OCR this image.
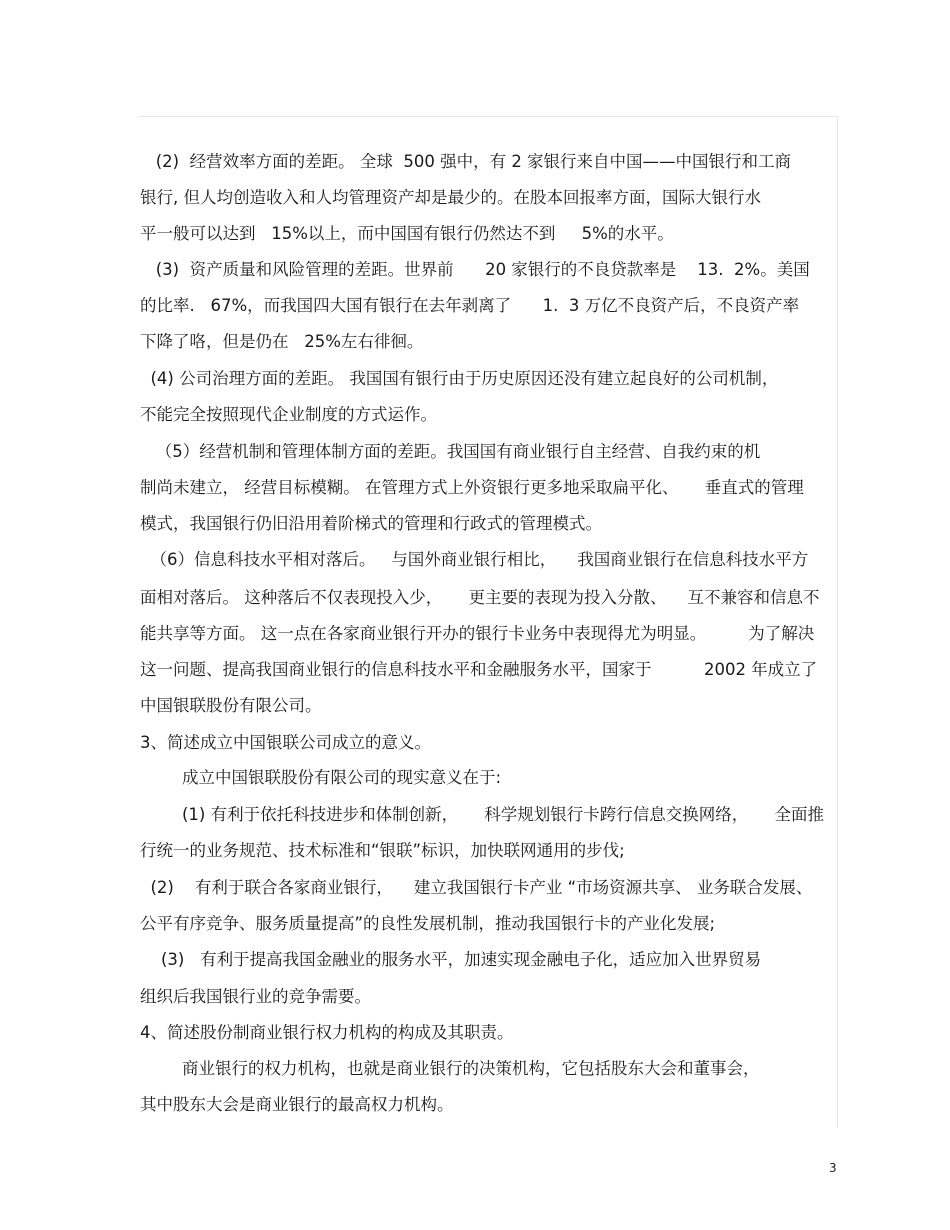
(2)  经营效率方面的差距。 全球  500 强中，有 2 家银行来自中国——中国银行和工商
银行, 但人均创造收入和人均管理资产却是最少的。在股本回报率方面，国际大银行水
平一般可以达到   15%以上，而中国国有银行仍然达不到     5%的水平。
(3)  资产质量和风险管理的差距。世界前      20 家银行的不良贷款率是    13.  2%。美国
的比率.   67%，而我国四大国有银行在去年剥离了      1.  3 万亿不良资产后，不良资产率
下降了咯，但是仍在   25%左右徘徊。
(4) 公司治理方面的差距。 我国国有银行由于历史原因还没有建立起良好的公司机制，
不能完全按照现代企业制度的方式运作。
（5）经营机制和管理体制方面的差距。我国国有商业银行自主经营、自我约束的机
制尚未建立， 经营目标模糊。 在管理方式上外资银行更多地采取扁平化、     垂直式的管理
模式，我国银行仍旧沿用着阶梯式的管理和行政式的管理模式。
（6）信息科技水平相对落后。   与国外商业银行相比，    我国商业银行在信息科技水平方
面相对落后。 这种落后不仅表现投入少，     更主要的表现为投入分散、    互不兼容和信息不
能共享等方面。 这一点在各家商业银行开办的银行卡业务中表现得尤为明显。        为了解决
这一问题、提高我国商业银行的信息科技水平和金融服务水平，国家于          2002 年成立了
中国银联股份有限公司。
3、简述成立中国银联公司成立的意义。
成立中国银联股份有限公司的现实意义在于:
(1) 有利于依托科技进步和体制创新，     科学规划银行卡跨行信息交换网络，     全面推
行统一的业务规范、技术标准和“银联”标识，加快联网通用的步伐;
(2)    有利于联合各家商业银行，    建立我国银行卡产业 “市场资源共享、 业务联合发展、
公平有序竞争、服务质量提高”的良性发展机制，推动我国银行卡的产业化发展;
(3)   有利于提高我国金融业的服务水平，加速实现金融电子化，适应加入世界贸易
组织后我国银行业的竞争需要。
4、简述股份制商业银行权力机构的构成及其职责。
商业银行的权力机构，也就是商业银行的决策机构，它包括股东大会和董事会，
其中股东大会是商业银行的最高权力机构。
3
